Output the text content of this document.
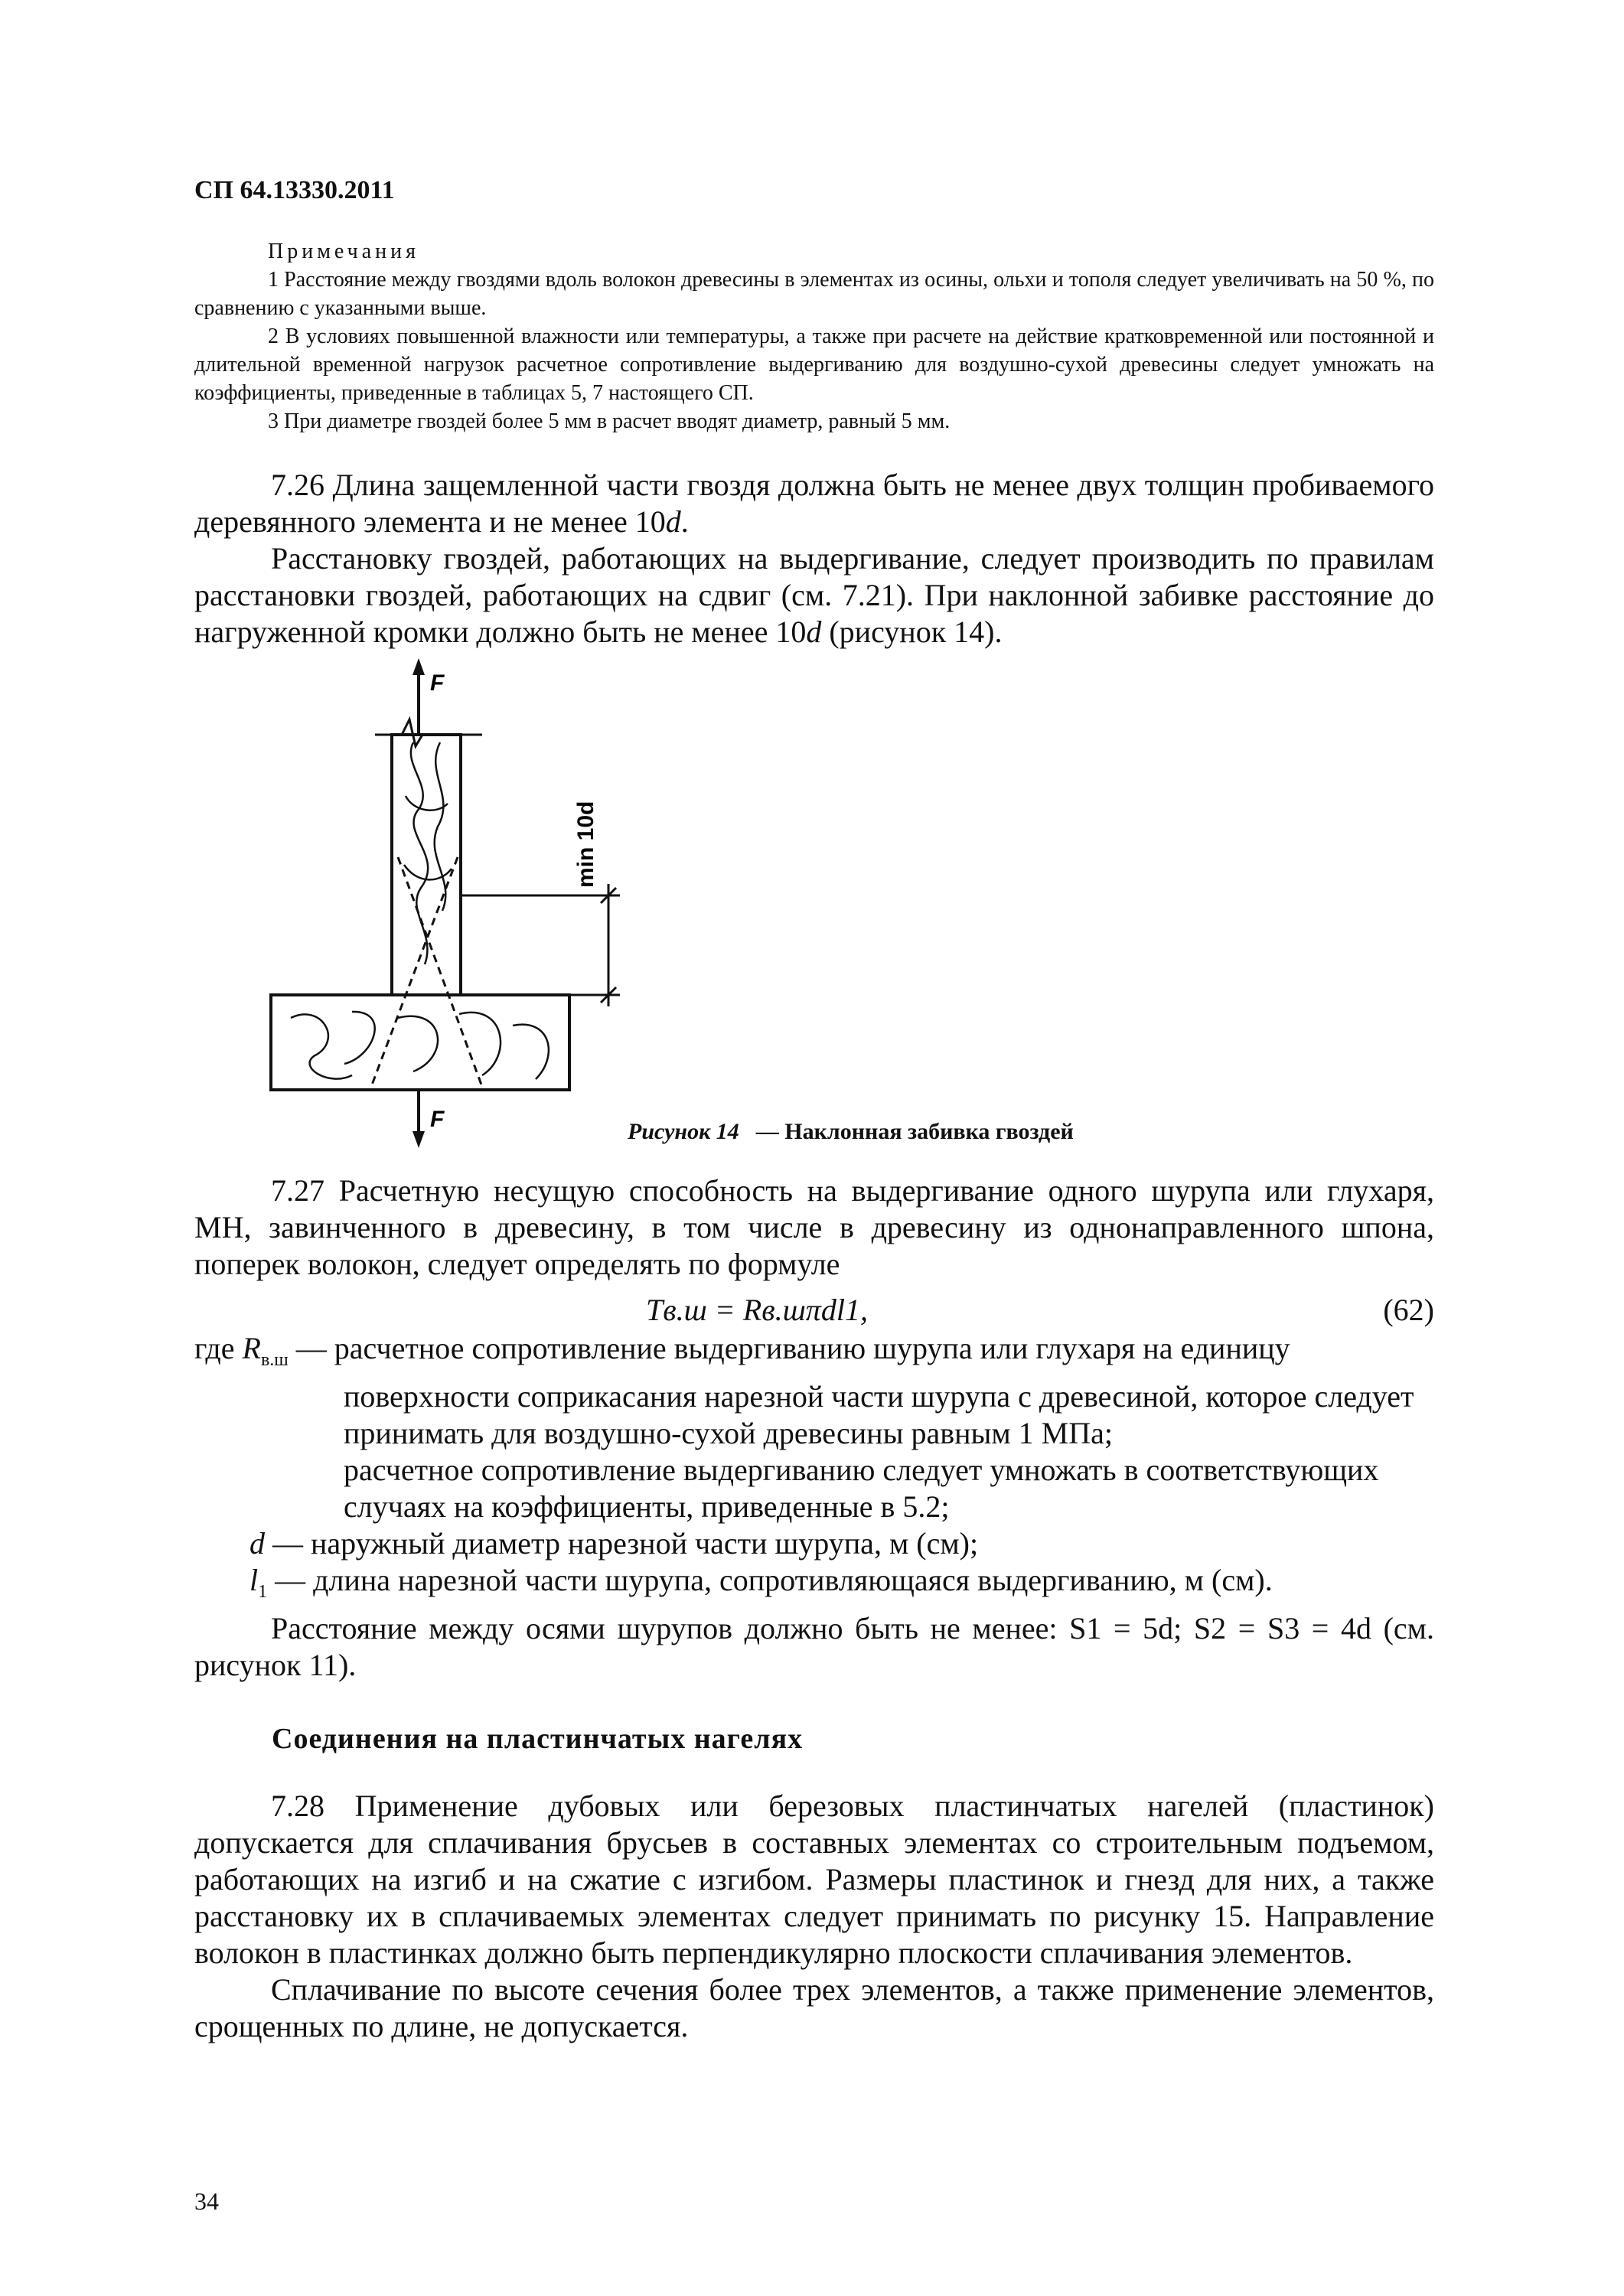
СП 64.13330.2011
Примечания
1 Расстояние между гвоздями вдоль волокон древесины в элементах из осины, ольхи и тополя следует увеличивать на 50 %, по сравнению с указанными выше.
2 В условиях повышенной влажности или температуры, а также при расчете на действие кратковременной или постоянной и длительной временной нагрузок расчетное сопротивление выдергиванию для воздушно-сухой древесины следует умножать на коэффициенты, приведенные в таблицах 5, 7 настоящего СП.
3 При диаметре гвоздей более 5 мм в расчет вводят диаметр, равный 5 мм.

7.26 Длина защемленной части гвоздя должна быть не менее двух толщин пробиваемого деревянного элемента и не менее 10d.

Расстановку гвоздей, работающих на выдергивание, следует производить по правилам расстановки гвоздей, работающих на сдвиг (см. 7.21). При наклонной забивке расстояние до нагруженной кромки должно быть не менее 10d (рисунок 14).

F
F
min 10d
Рисунок 14 — Наклонная забивка гвоздей

7.27 Расчетную несущую способность на выдергивание одного шурупа или глухаря, МН, завинченного в древесину, в том числе в древесину из однонаправленного шпона, поперек волокон, следует определять по формуле

Tв.ш = Rв.шπdl1,	(62)
где $R_{в.ш}$ — расчетное сопротивление выдергиванию шурупа или глухаря на единицу
поверхности соприкасания нарезной части шурупа с древесиной, которое следует принимать для воздушно-сухой древесины равным 1 МПа;
расчетное сопротивление выдергиванию следует умножать в соответствующих случаях на коэффициенты, приведенные в 5.2;
d — наружный диаметр нарезной части шурупа, м (см);
$l_1$ — длина нарезной части шурупа, сопротивляющаяся выдергиванию, м (см).
Расстояние между осями шурупов должно быть не менее: S1 = 5d; S2 = S3 = 4d (см. рисунок 11).
Соединения на пластинчатых нагелях

7.28 Применение дубовых или березовых пластинчатых нагелей (пластинок) допускается для сплачивания брусьев в составных элементах со строительным подъемом, работающих на изгиб и на сжатие с изгибом. Размеры пластинок и гнезд для них, а также расстановку их в сплачиваемых элементах следует принимать по рисунку 15. Направление волокон в пластинках должно быть перпендикулярно плоскости сплачивания элементов.

Сплачивание по высоте сечения более трех элементов, а также применение элементов, срощенных по длине, не допускается.

34
